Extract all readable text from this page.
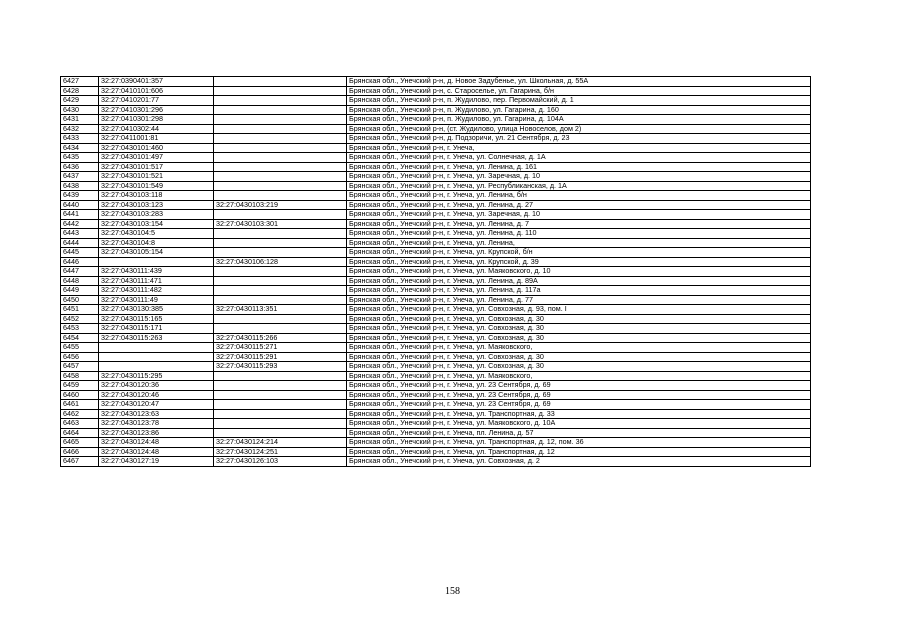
6427	32:27:0390401:357		Брянская обл., Унечский р-н, д. Новое Задубенье, ул. Школьная, д. 55А
6428	32:27:0410101:606		Брянская обл., Унечский р-н, с. Староселье, ул. Гагарина, б/н
6429	32:27:0410201:77		Брянская обл., Унечский р-н, п. Жудилово, пер. Первомайский, д. 1
6430	32:27:0410301:296		Брянская обл., Унечский р-н, п. Жудилово, ул. Гагарина, д. 160
6431	32:27:0410301:298		Брянская обл., Унечский р-н, п. Жудилово, ул. Гагарина, д. 104А
6432	32:27:0410302:44		Брянская обл., Унечский р-н, (ст. Жудилово, улица Новоселов, дом 2)
6433	32:27:0411001:81		Брянская обл., Унечский р-н, д. Подзоричи, ул. 21 Сентября, д. 23
6434	32:27:0430101:460		Брянская обл., Унечский р-н, г. Унеча,
6435	32:27:0430101:497		Брянская обл., Унечский р-н, г. Унеча, ул. Солнечная, д. 1А
6436	32:27:0430101:517		Брянская обл., Унечский р-н, г. Унеча, ул. Ленина, д. 161
6437	32:27:0430101:521		Брянская обл., Унечский р-н, г. Унеча, ул. Заречная, д. 10
6438	32:27:0430101:549		Брянская обл., Унечский р-н, г. Унеча, ул. Республиканская, д. 1А
6439	32:27:0430103:118		Брянская обл., Унечский р-н, г. Унеча, ул. Ленина, б/н
6440	32:27:0430103:123	32:27:0430103:219	Брянская обл., Унечский р-н, г. Унеча, ул. Ленина, д. 27
6441	32:27:0430103:283		Брянская обл., Унечский р-н, г. Унеча, ул. Заречная, д. 10
6442	32:27:0430103:154	32:27:0430103:301	Брянская обл., Унечский р-н, г. Унеча, ул. Ленина, д. 7
6443	32:27:0430104:5		Брянская обл., Унечский р-н, г. Унеча, ул. Ленина, д. 110
6444	32:27:0430104:8		Брянская обл., Унечский р-н, г. Унеча, ул. Ленина,
6445	32:27:0430105:154		Брянская обл., Унечский р-н, г. Унеча, ул. Крупской, б/н
6446		32:27:0430106:128	Брянская обл., Унечский р-н, г. Унеча, ул. Крупской, д. 39
6447	32:27:0430111:439		Брянская обл., Унечский р-н, г. Унеча, ул. Маяковского, д. 10
6448	32:27:0430111:471		Брянская обл., Унечский р-н, г. Унеча, ул. Ленина, д. 89А
6449	32:27:0430111:482		Брянская обл., Унечский р-н, г. Унеча, ул. Ленина, д. 117а
6450	32:27:0430111:49		Брянская обл., Унечский р-н, г. Унеча, ул. Ленина, д. 77
6451	32:27:0430130:385	32:27:0430113:351	Брянская обл., Унечский р-н, г. Унеча, ул. Совхозная, д. 93, пом. I
6452	32:27:0430115:165		Брянская обл., Унечский р-н, г. Унеча, ул. Совхозная, д. 30
6453	32:27:0430115:171		Брянская обл., Унечский р-н, г. Унеча, ул. Совхозная, д. 30
6454	32:27:0430115:263	32:27:0430115:266	Брянская обл., Унечский р-н, г. Унеча, ул. Совхозная, д. 30
6455		32:27:0430115:271	Брянская обл., Унечский р-н, г. Унеча, ул. Маяковского,
6456		32:27:0430115:291	Брянская обл., Унечский р-н, г. Унеча, ул. Совхозная, д. 30
6457		32:27:0430115:293	Брянская обл., Унечский р-н, г. Унеча, ул. Совхозная, д. 30
6458	32:27:0430115:295		Брянская обл., Унечский р-н, г. Унеча, ул. Маяковского,
6459	32:27:0430120:36		Брянская обл., Унечский р-н, г. Унеча, ул. 23 Сентября, д. 69
6460	32:27:0430120:46		Брянская обл., Унечский р-н, г. Унеча, ул. 23 Сентября, д. 69
6461	32:27:0430120:47		Брянская обл., Унечский р-н, г. Унеча, ул. 23 Сентября, д. 69
6462	32:27:0430123:63		Брянская обл., Унечский р-н, г. Унеча, ул. Транспортная, д. 33
6463	32:27:0430123:78		Брянская обл., Унечский р-н, г. Унеча, ул. Маяковского, д. 10А
6464	32:27:0430123:86		Брянская обл., Унечский р-н, г. Унеча, пл. Ленина, д. 57
6465	32:27:0430124:48	32:27:0430124:214	Брянская обл., Унечский р-н, г. Унеча, ул. Транспортная, д. 12, пом. 36
6466	32:27:0430124:48	32:27:0430124:251	Брянская обл., Унечский р-н, г. Унеча, ул. Транспортная, д. 12
6467	32:27:0430127:19	32:27:0430126:103	Брянская обл., Унечский р-н, г. Унеча, ул. Совхозная, д. 2
158
